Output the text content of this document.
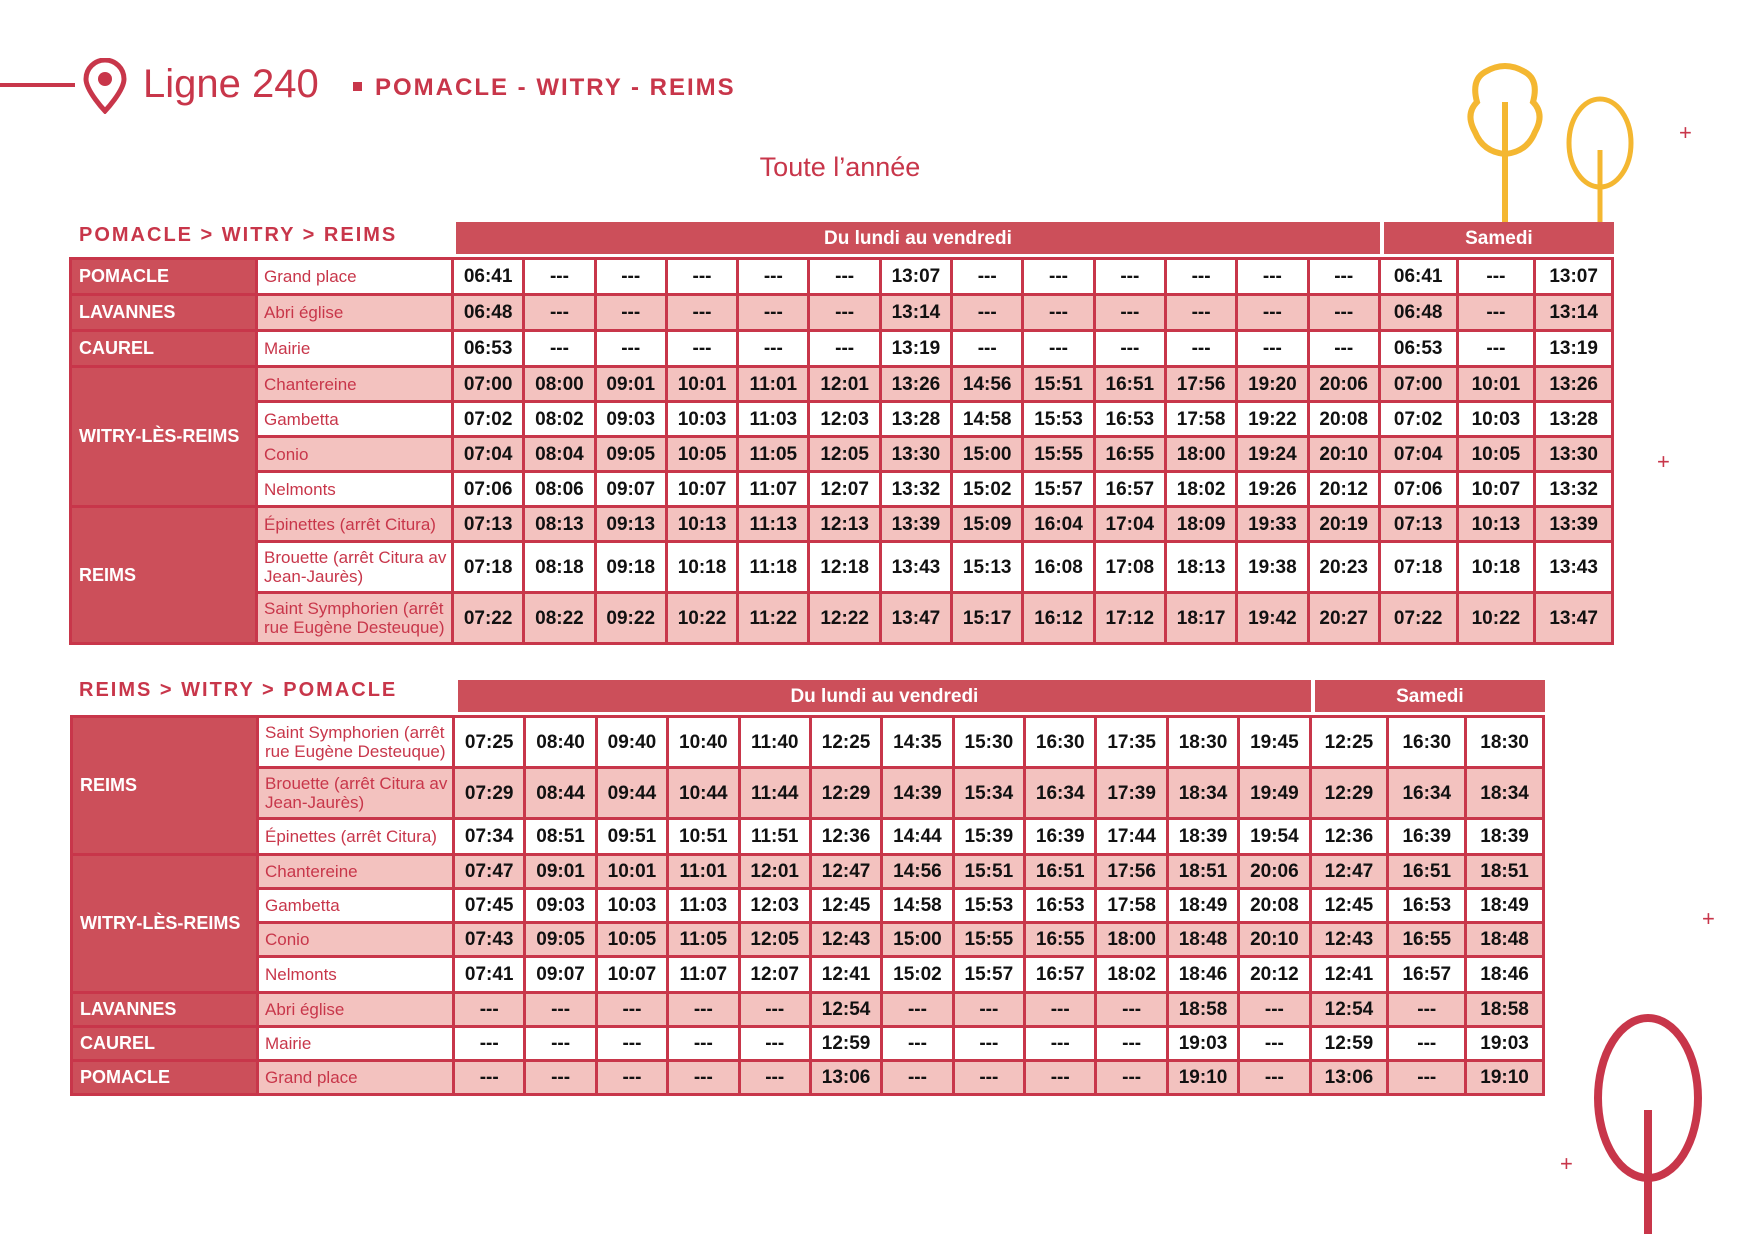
Ligne 240 POMACLE - WITRY - REIMS
Toute l’année
+
+
+
+
POMACLE > WITRY > REIMS	Du lundi au vendredi	Samedi
POMACLE
LAVANNES
CAUREL
WITRY-LÈS-REIMS
REIMS
Grand place	06:41	---	---	---	---	---	13:07	---	---	---	---	---	---	06:41	---	13:07
Abri église	06:48	---	---	---	---	---	13:14	---	---	---	---	---	---	06:48	---	13:14
Mairie	06:53	---	---	---	---	---	13:19	---	---	---	---	---	---	06:53	---	13:19
Chantereine	07:00	08:00	09:01	10:01	11:01	12:01	13:26	14:56	15:51	16:51	17:56	19:20	20:06	07:00	10:01	13:26
Gambetta	07:02	08:02	09:03	10:03	11:03	12:03	13:28	14:58	15:53	16:53	17:58	19:22	20:08	07:02	10:03	13:28
Conio	07:04	08:04	09:05	10:05	11:05	12:05	13:30	15:00	15:55	16:55	18:00	19:24	20:10	07:04	10:05	13:30
Nelmonts	07:06	08:06	09:07	10:07	11:07	12:07	13:32	15:02	15:57	16:57	18:02	19:26	20:12	07:06	10:07	13:32
Épinettes (arrêt Citura)	07:13	08:13	09:13	10:13	11:13	12:13	13:39	15:09	16:04	17:04	18:09	19:33	20:19	07:13	10:13	13:39
Brouette (arrêt Citura av Jean-Jaurès)	07:18	08:18	09:18	10:18	11:18	12:18	13:43	15:13	16:08	17:08	18:13	19:38	20:23	07:18	10:18	13:43
Saint Symphorien (arrêt rue Eugène Desteuque)	07:22	08:22	09:22	10:22	11:22	12:22	13:47	15:17	16:12	17:12	18:17	19:42	20:27	07:22	10:22	13:47
REIMS > WITRY > POMACLE	Du lundi au vendredi	Samedi
REIMS
WITRY-LÈS-REIMS
LAVANNES
CAUREL
POMACLE
Saint Symphorien (arrêt rue Eugène Desteuque)	07:25	08:40	09:40	10:40	11:40	12:25	14:35	15:30	16:30	17:35	18:30	19:45	12:25	16:30	18:30
Brouette (arrêt Citura av Jean-Jaurès)	07:29	08:44	09:44	10:44	11:44	12:29	14:39	15:34	16:34	17:39	18:34	19:49	12:29	16:34	18:34
Épinettes (arrêt Citura)	07:34	08:51	09:51	10:51	11:51	12:36	14:44	15:39	16:39	17:44	18:39	19:54	12:36	16:39	18:39
Chantereine	07:47	09:01	10:01	11:01	12:01	12:47	14:56	15:51	16:51	17:56	18:51	20:06	12:47	16:51	18:51
Gambetta	07:45	09:03	10:03	11:03	12:03	12:45	14:58	15:53	16:53	17:58	18:49	20:08	12:45	16:53	18:49
Conio	07:43	09:05	10:05	11:05	12:05	12:43	15:00	15:55	16:55	18:00	18:48	20:10	12:43	16:55	18:48
Nelmonts	07:41	09:07	10:07	11:07	12:07	12:41	15:02	15:57	16:57	18:02	18:46	20:12	12:41	16:57	18:46
Abri église	---	---	---	---	---	12:54	---	---	---	---	18:58	---	12:54	---	18:58
Mairie	---	---	---	---	---	12:59	---	---	---	---	19:03	---	12:59	---	19:03
Grand place	---	---	---	---	---	13:06	---	---	---	---	19:10	---	13:06	---	19:10
